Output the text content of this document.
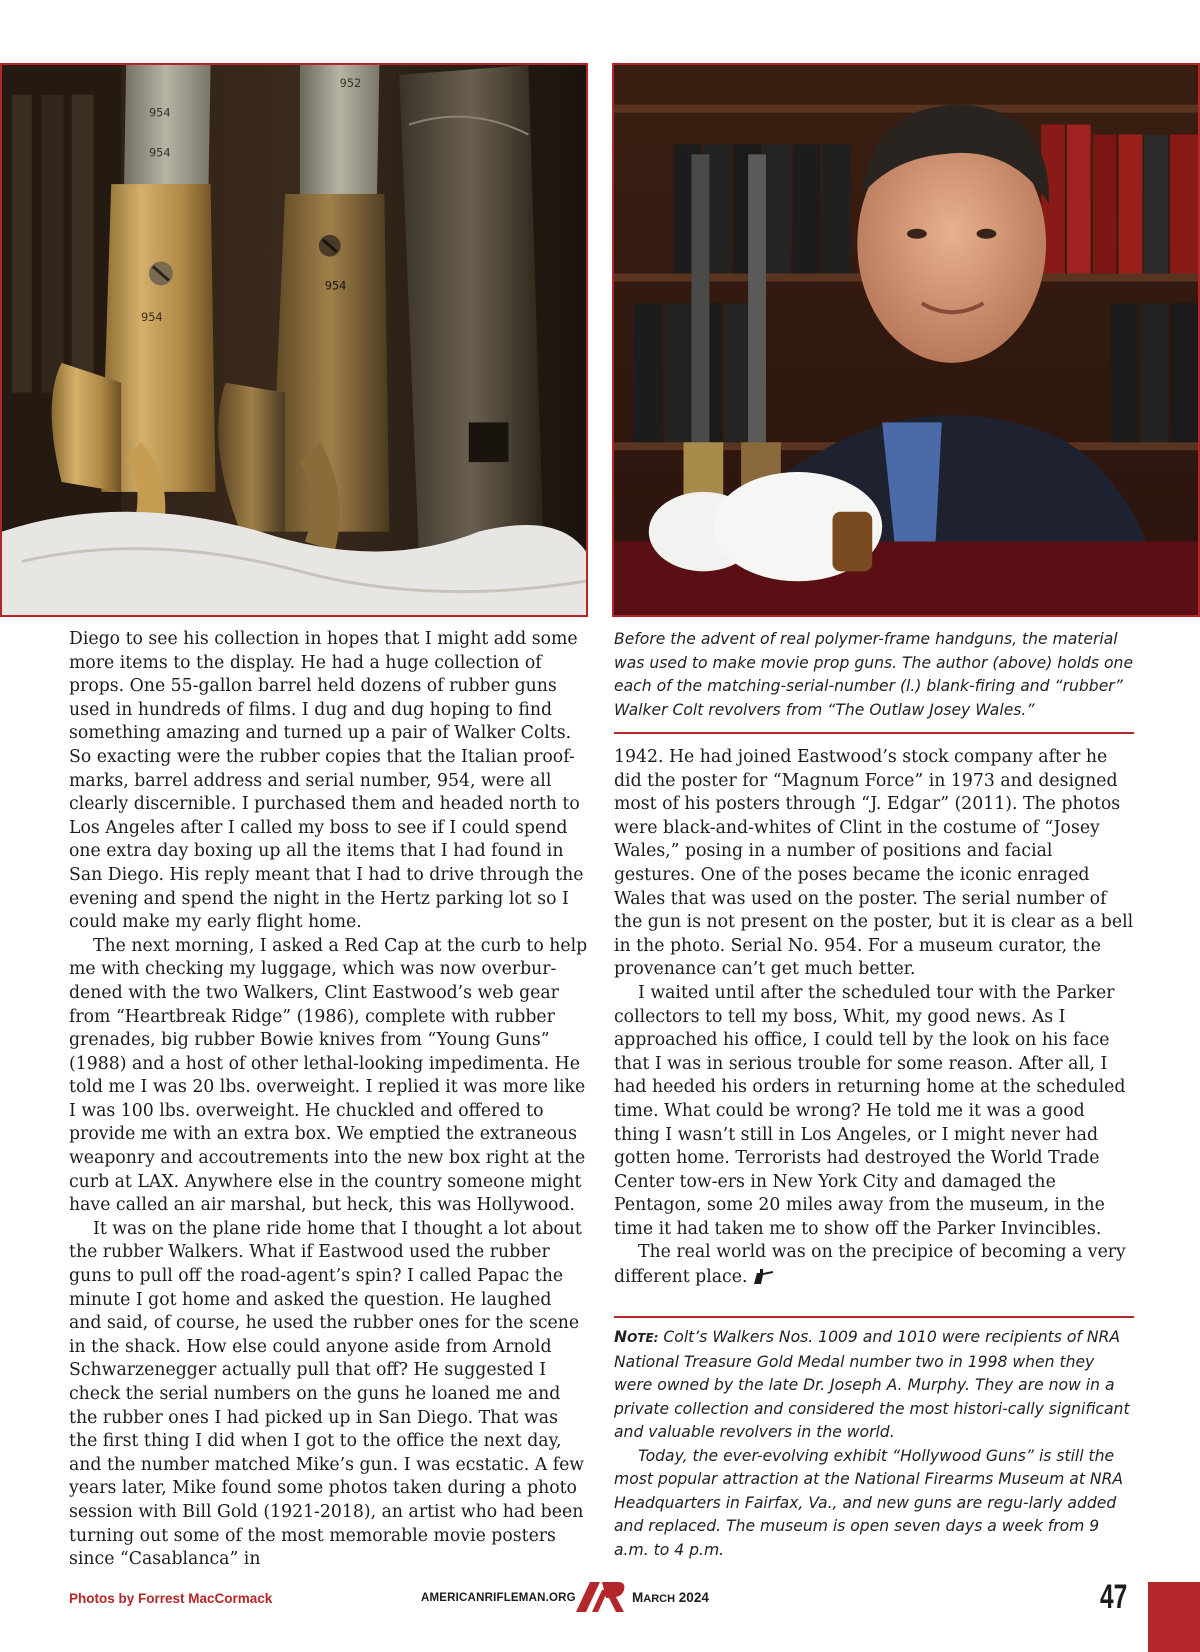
952
954
954
954
954

Diego to see his collection in hopes that I might add some more items to the display. He had a huge collection of props. One 55-gallon barrel held dozens of rubber guns used in hundreds of films. I dug and dug hoping to find something amazing and turned up a pair of Walker Colts. So exacting were the rubber copies that the Italian proof-marks, barrel address and serial number, 954, were all clearly discernible. I purchased them and headed north to Los Angeles after I called my boss to see if I could spend one extra day boxing up all the items that I had found in San Diego. His reply meant that I had to drive through the evening and spend the night in the Hertz parking lot so I could make my early flight home.

The next morning, I asked a Red Cap at the curb to help me with checking my luggage, which was now overbur-dened with the two Walkers, Clint Eastwood’s web gear from “Heartbreak Ridge” (1986), complete with rubber grenades, big rubber Bowie knives from “Young Guns” (1988) and a host of other lethal-looking impedimenta. He told me I was 20 lbs. overweight. I replied it was more like I was 100 lbs. overweight. He chuckled and offered to provide me with an extra box. We emptied the extraneous weaponry and accoutrements into the new box right at the curb at LAX. Anywhere else in the country someone might have called an air marshal, but heck, this was Hollywood.

It was on the plane ride home that I thought a lot about the rubber Walkers. What if Eastwood used the rubber guns to pull off the road-agent’s spin? I called Papac the minute I got home and asked the question. He laughed and said, of course, he used the rubber ones for the scene in the shack. How else could anyone aside from Arnold Schwarzenegger actually pull that off? He suggested I check the serial numbers on the guns he loaned me and the rubber ones I had picked up in San Diego. That was the first thing I did when I got to the office the next day, and the number matched Mike’s gun. I was ecstatic. A few years later, Mike found some photos taken during a photo session with Bill Gold (1921-2018), an artist who had been turning out some of the most memorable movie posters since “Casablanca” in

Before the advent of real polymer-frame handguns, the material was used to make movie prop guns. The author (above) holds one each of the matching-serial-number (l.) blank-firing and “rubber” Walker Colt revolvers from “The Outlaw Josey Wales.”

1942. He had joined Eastwood’s stock company after he did the poster for “Magnum Force” in 1973 and designed most of his posters through “J. Edgar” (2011). The photos were black-and-whites of Clint in the costume of “Josey Wales,” posing in a number of positions and facial gestures. One of the poses became the iconic enraged Wales that was used on the poster. The serial number of the gun is not present on the poster, but it is clear as a bell in the photo. Serial No. 954. For a museum curator, the provenance can’t get much better.

I waited until after the scheduled tour with the Parker collectors to tell my boss, Whit, my good news. As I approached his office, I could tell by the look on his face that I was in serious trouble for some reason. After all, I had heeded his orders in returning home at the scheduled time. What could be wrong? He told me it was a good thing I wasn’t still in Los Angeles, or I might never had gotten home. Terrorists had destroyed the World Trade Center tow-ers in New York City and damaged the Pentagon, some 20 miles away from the museum, in the time it had taken me to show off the Parker Invincibles.

The real world was on the precipice of becoming a very different place.

NOTE: Colt’s Walkers Nos. 1009 and 1010 were recipients of NRA National Treasure Gold Medal number two in 1998 when they were owned by the late Dr. Joseph A. Murphy. They are now in a private collection and considered the most histori-cally significant and valuable revolvers in the world.

Today, the ever-evolving exhibit “Hollywood Guns” is still the most popular attraction at the National Firearms Museum at NRA Headquarters in Fairfax, Va., and new guns are regu-larly added and replaced. The museum is open seven days a week from 9 a.m. to 4 p.m.

Photos by Forrest MacCormack	AMERICANRIFLEMAN.ORG
AR
MARCH 2024	47
